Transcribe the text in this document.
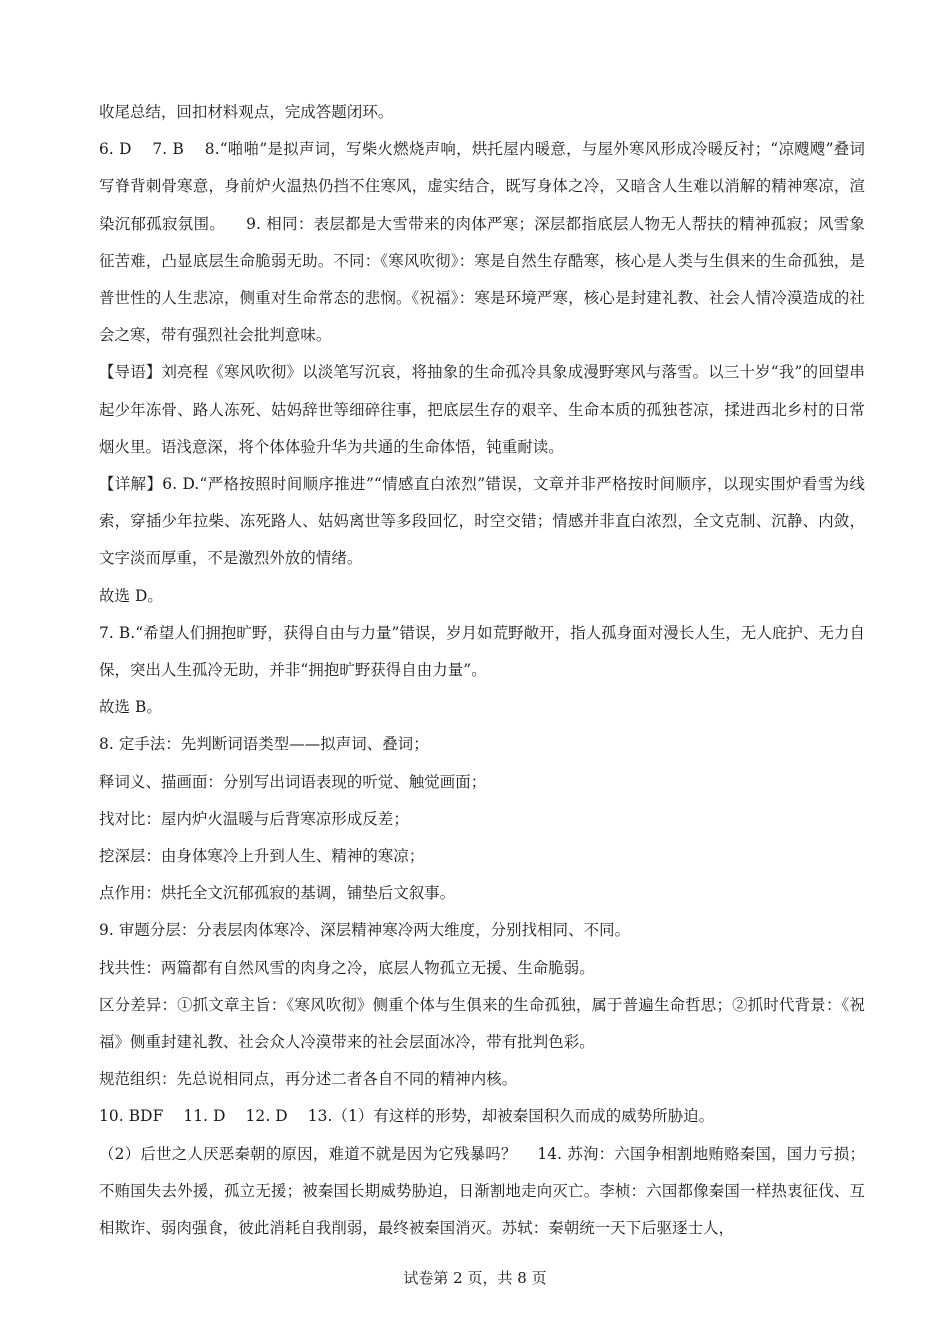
收尾总结，回扣材料观点，完成答题闭环。

6. D    7. B    8.“啪啪”是拟声词，写柴火燃烧声响，烘托屋内暖意，与屋外寒风形成冷暖反衬；“凉飕飕”叠词写脊背刺骨寒意，身前炉火温热仍挡不住寒风，虚实结合，既写身体之冷，又暗含人生难以消解的精神寒凉，渲染沉郁孤寂氛围。    9. 相同：表层都是大雪带来的肉体严寒；深层都指底层人物无人帮扶的精神孤寂；风雪象征苦难，凸显底层生命脆弱无助。不同：《寒风吹彻》：寒是自然生存酷寒，核心是人类与生俱来的生命孤独，是普世性的人生悲凉，侧重对生命常态的悲悯。《祝福》：寒是环境严寒，核心是封建礼教、社会人情冷漠造成的社会之寒，带有强烈社会批判意味。

【导语】刘亮程《寒风吹彻》以淡笔写沉哀，将抽象的生命孤冷具象成漫野寒风与落雪。以三十岁“我”的回望串起少年冻骨、路人冻死、姑妈辞世等细碎往事，把底层生存的艰辛、生命本质的孤独苍凉，揉进西北乡村的日常烟火里。语浅意深，将个体体验升华为共通的生命体悟，钝重耐读。

【详解】6. D.“严格按照时间顺序推进”“情感直白浓烈”错误，文章并非严格按时间顺序，以现实围炉看雪为线索，穿插少年拉柴、冻死路人、姑妈离世等多段回忆，时空交错；情感并非直白浓烈，全文克制、沉静、内敛，文字淡而厚重，不是激烈外放的情绪。

故选 D。

7. B.“希望人们拥抱旷野，获得自由与力量”错误，岁月如荒野敞开，指人孤身面对漫长人生，无人庇护、无力自保，突出人生孤冷无助，并非“拥抱旷野获得自由力量”。

故选 B。

8. 定手法：先判断词语类型——拟声词、叠词；

释词义、描画面：分别写出词语表现的听觉、触觉画面；

找对比：屋内炉火温暖与后背寒凉形成反差；

挖深层：由身体寒冷上升到人生、精神的寒凉；

点作用：烘托全文沉郁孤寂的基调，铺垫后文叙事。

9. 审题分层：分表层肉体寒冷、深层精神寒冷两大维度，分别找相同、不同。

找共性：两篇都有自然风雪的肉身之冷，底层人物孤立无援、生命脆弱。

区分差异：①抓文章主旨：《寒风吹彻》侧重个体与生俱来的生命孤独，属于普遍生命哲思；②抓时代背景：《祝福》侧重封建礼教、社会众人冷漠带来的社会层面冰冷，带有批判色彩。

规范组织：先总说相同点，再分述二者各自不同的精神内核。

10. BDF    11. D    12. D    13.（1）有这样的形势，却被秦国积久而成的威势所胁迫。

（2）后世之人厌恶秦朝的原因，难道不就是因为它残暴吗？    14. 苏洵：六国争相割地贿赂秦国，国力亏损；不贿国失去外援，孤立无援；被秦国长期威势胁迫，日渐割地走向灭亡。李桢：六国都像秦国一样热衷征伐、互相欺诈、弱肉强食，彼此消耗自我削弱，最终被秦国消灭。苏轼：秦朝统一天下后驱逐士人，

试卷第 2 页，共 8 页
